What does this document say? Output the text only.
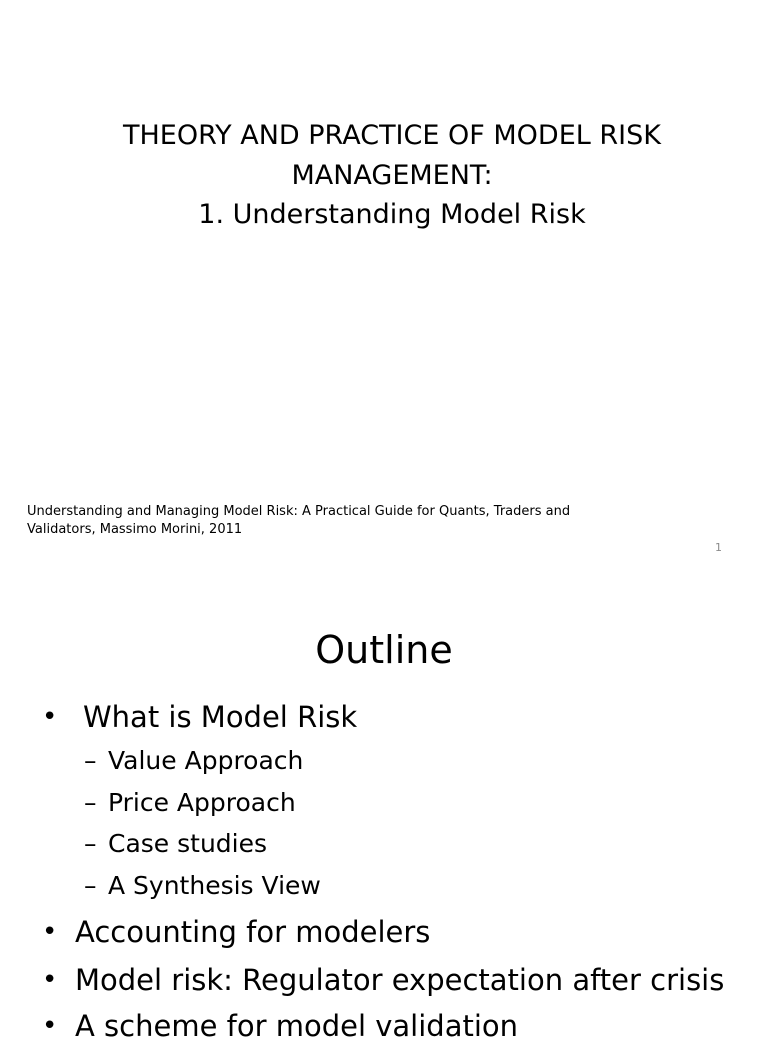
THEORY AND PRACTICE OF MODEL RISK
MANAGEMENT:
1. Understanding Model Risk
Understanding and Managing Model Risk: A Practical Guide for Quants, Traders and
Validators, Massimo Morini, 2011
1
Outline
• What is Model Risk
– Value Approach
– Price Approach
– Case studies
– A Synthesis View
• Accounting for modelers
• Model risk: Regulator expectation after crisis
• A scheme for model validation
